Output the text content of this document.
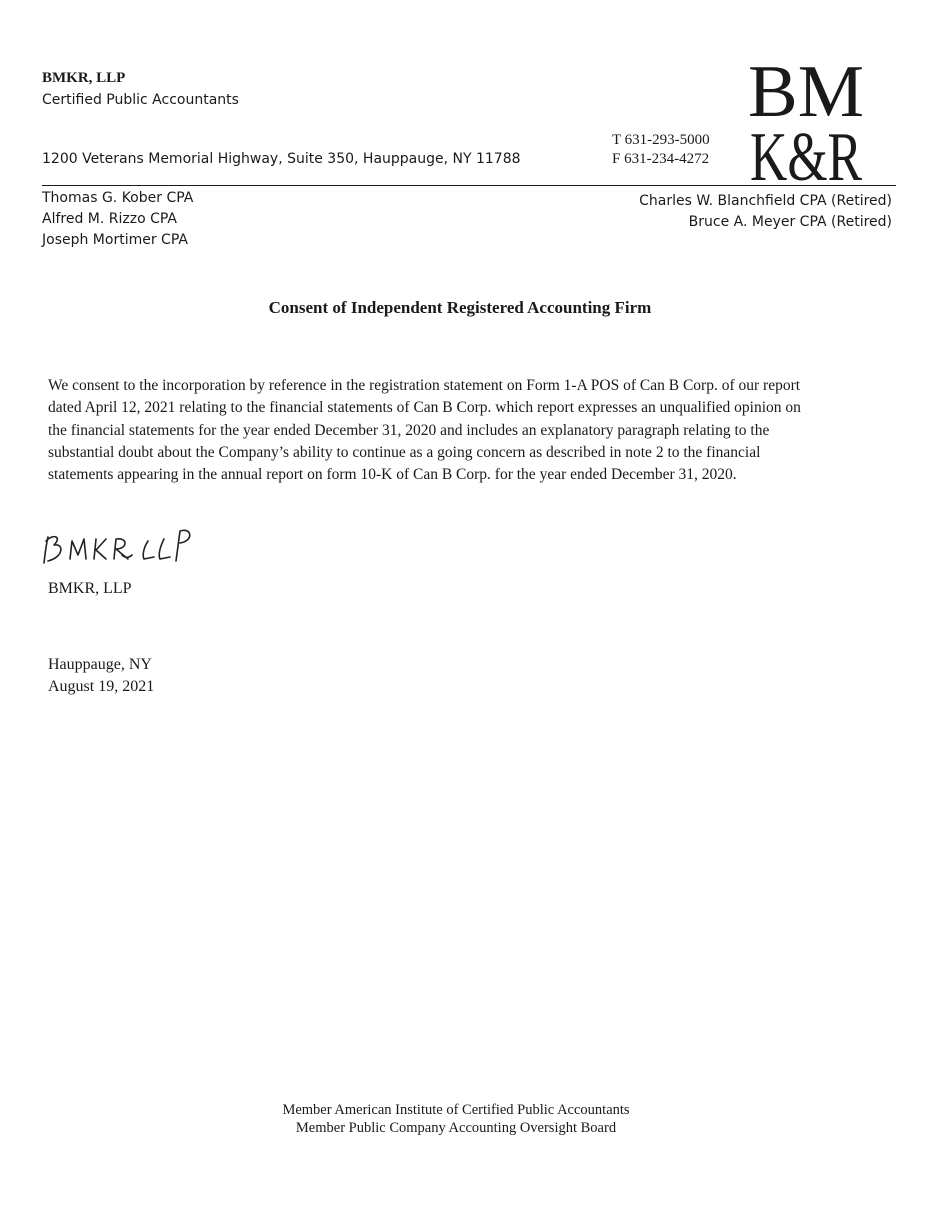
BMKR, LLP
Certified Public Accountants
1200 Veterans Memorial Highway, Suite 350, Hauppauge, NY 11788
T 631-293-5000
F 631-234-4272
BM
K&R
Thomas G. Kober CPA
Alfred M. Rizzo CPA
Joseph Mortimer CPA
Charles W. Blanchfield CPA (Retired)
Bruce A. Meyer CPA (Retired)
Consent of Independent Registered Accounting Firm
We consent to the incorporation by reference in the registration statement on Form 1-A POS of Can B Corp. of our report
dated April 12, 2021 relating to the financial statements of Can B Corp. which report expresses an unqualified opinion on
the financial statements for the year ended December 31, 2020 and includes an explanatory paragraph relating to the
substantial doubt about the Company’s ability to continue as a going concern as described in note 2 to the financial
statements appearing in the annual report on form 10-K of Can B Corp. for the year ended December 31, 2020.
BMKR, LLP
Hauppauge, NY
August 19, 2021
Member American Institute of Certified Public Accountants
Member Public Company Accounting Oversight Board
